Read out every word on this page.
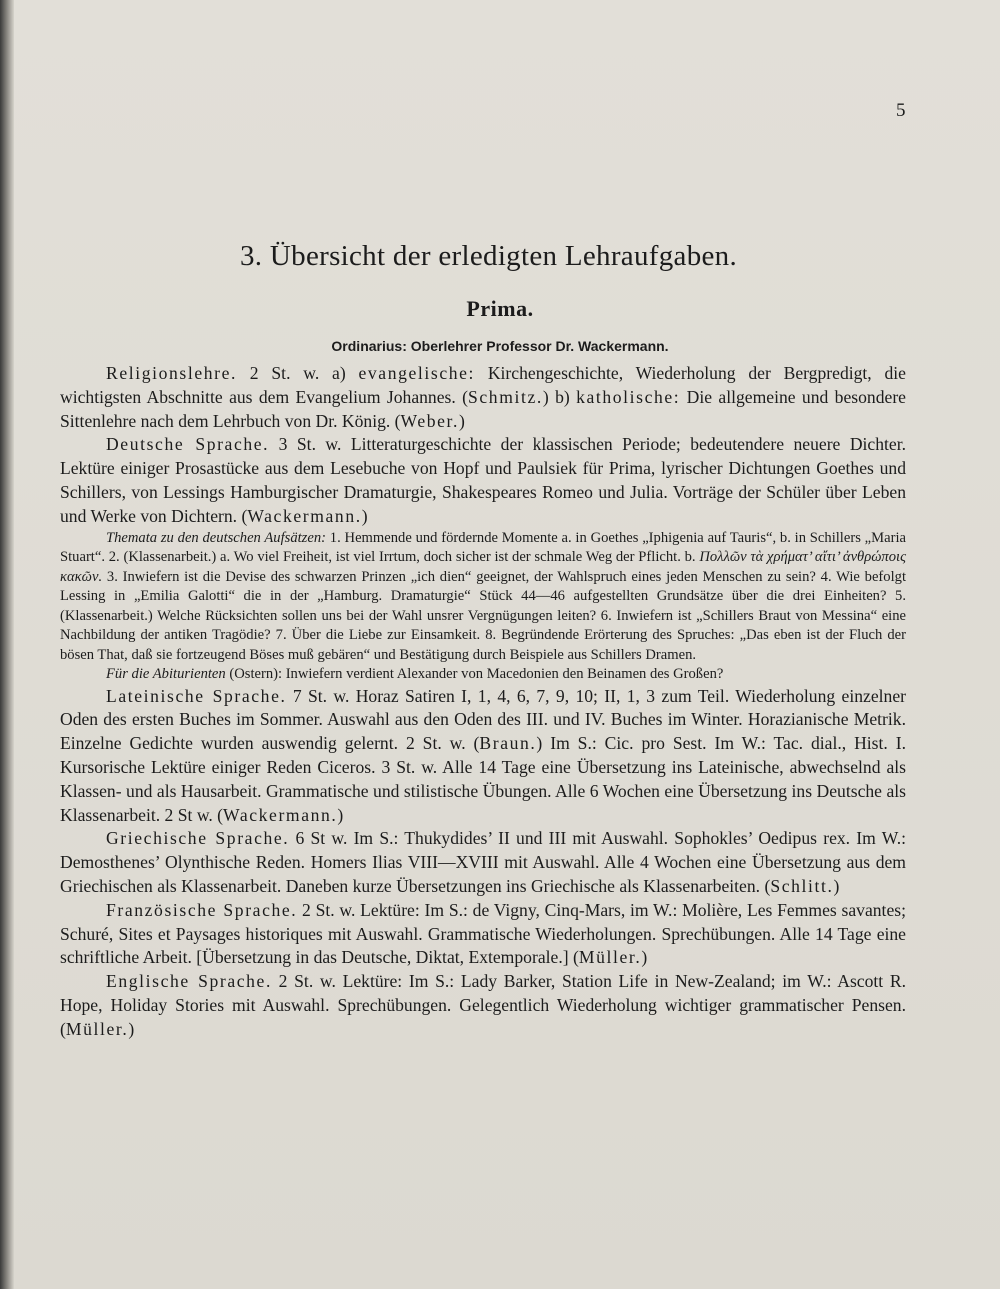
5
3. Übersicht der erledigten Lehraufgaben.
Prima.
Ordinarius: Oberlehrer Professor Dr. Wackermann.

Religionslehre. 2 St. w. a) evangelische: Kirchengeschichte, Wiederholung der Bergpredigt, die wichtigsten Abschnitte aus dem Evangelium Johannes. (Schmitz.) b) katholische: Die allgemeine und besondere Sittenlehre nach dem Lehrbuch von Dr. König. (Weber.)

Deutsche Sprache. 3 St. w. Litteraturgeschichte der klassischen Periode; bedeutendere neuere Dichter. Lektüre einiger Prosastücke aus dem Lesebuche von Hopf und Paulsiek für Prima, lyrischer Dichtungen Goethes und Schillers, von Lessings Hamburgischer Dramaturgie, Shakespeares Romeo und Julia. Vorträge der Schüler über Leben und Werke von Dichtern. (Wackermann.)

Themata zu den deutschen Aufsätzen: 1. Hemmende und fördernde Momente a. in Goethes „Iphigenia auf Tauris“, b. in Schillers „Maria Stuart“. 2. (Klassenarbeit.) a. Wo viel Freiheit, ist viel Irrtum, doch sicher ist der schmale Weg der Pflicht. b. Πολλῶν τὰ χρήματ’ αἴτι’ ἀνθρώποις κακῶν. 3. Inwiefern ist die Devise des schwarzen Prinzen „ich dien“ geeignet, der Wahlspruch eines jeden Menschen zu sein? 4. Wie befolgt Lessing in „Emilia Galotti“ die in der „Hamburg. Dramaturgie“ Stück 44—46 aufgestellten Grundsätze über die drei Einheiten? 5. (Klassenarbeit.) Welche Rücksichten sollen uns bei der Wahl unsrer Vergnügungen leiten? 6. Inwiefern ist „Schillers Braut von Messina“ eine Nachbildung der antiken Tragödie? 7. Über die Liebe zur Einsamkeit. 8. Begründende Erörterung des Spruches: „Das eben ist der Fluch der bösen That, daß sie fortzeugend Böses muß gebären“ und Bestätigung durch Beispiele aus Schillers Dramen.

Für die Abiturienten (Ostern): Inwiefern verdient Alexander von Macedonien den Beinamen des Großen?

Lateinische Sprache. 7 St. w. Horaz Satiren I, 1, 4, 6, 7, 9, 10; II, 1, 3 zum Teil. Wiederholung einzelner Oden des ersten Buches im Sommer. Auswahl aus den Oden des III. und IV. Buches im Winter. Horazianische Metrik. Einzelne Gedichte wurden auswendig gelernt. 2 St. w. (Braun.) Im S.: Cic. pro Sest. Im W.: Tac. dial., Hist. I. Kursorische Lektüre einiger Reden Ciceros. 3 St. w. Alle 14 Tage eine Übersetzung ins Lateinische, abwechselnd als Klassen- und als Hausarbeit. Grammatische und stilistische Übungen. Alle 6 Wochen eine Übersetzung ins Deutsche als Klassenarbeit. 2 St w. (Wackermann.)

Griechische Sprache. 6 St w. Im S.: Thukydides’ II und III mit Auswahl. Sophokles’ Oedipus rex. Im W.: Demosthenes’ Olynthische Reden. Homers Ilias VIII—XVIII mit Auswahl. Alle 4 Wochen eine Übersetzung aus dem Griechischen als Klassenarbeit. Daneben kurze Übersetzungen ins Griechische als Klassenarbeiten. (Schlitt.)

Französische Sprache. 2 St. w. Lektüre: Im S.: de Vigny, Cinq-Mars, im W.: Molière, Les Femmes savantes; Schuré, Sites et Paysages historiques mit Auswahl. Grammatische Wiederholungen. Sprechübungen. Alle 14 Tage eine schriftliche Arbeit. [Übersetzung in das Deutsche, Diktat, Extemporale.] (Müller.)

Englische Sprache. 2 St. w. Lektüre: Im S.: Lady Barker, Station Life in New-Zealand; im W.: Ascott R. Hope, Holiday Stories mit Auswahl. Sprechübungen. Gelegentlich Wiederholung wichtiger grammatischer Pensen. (Müller.)
